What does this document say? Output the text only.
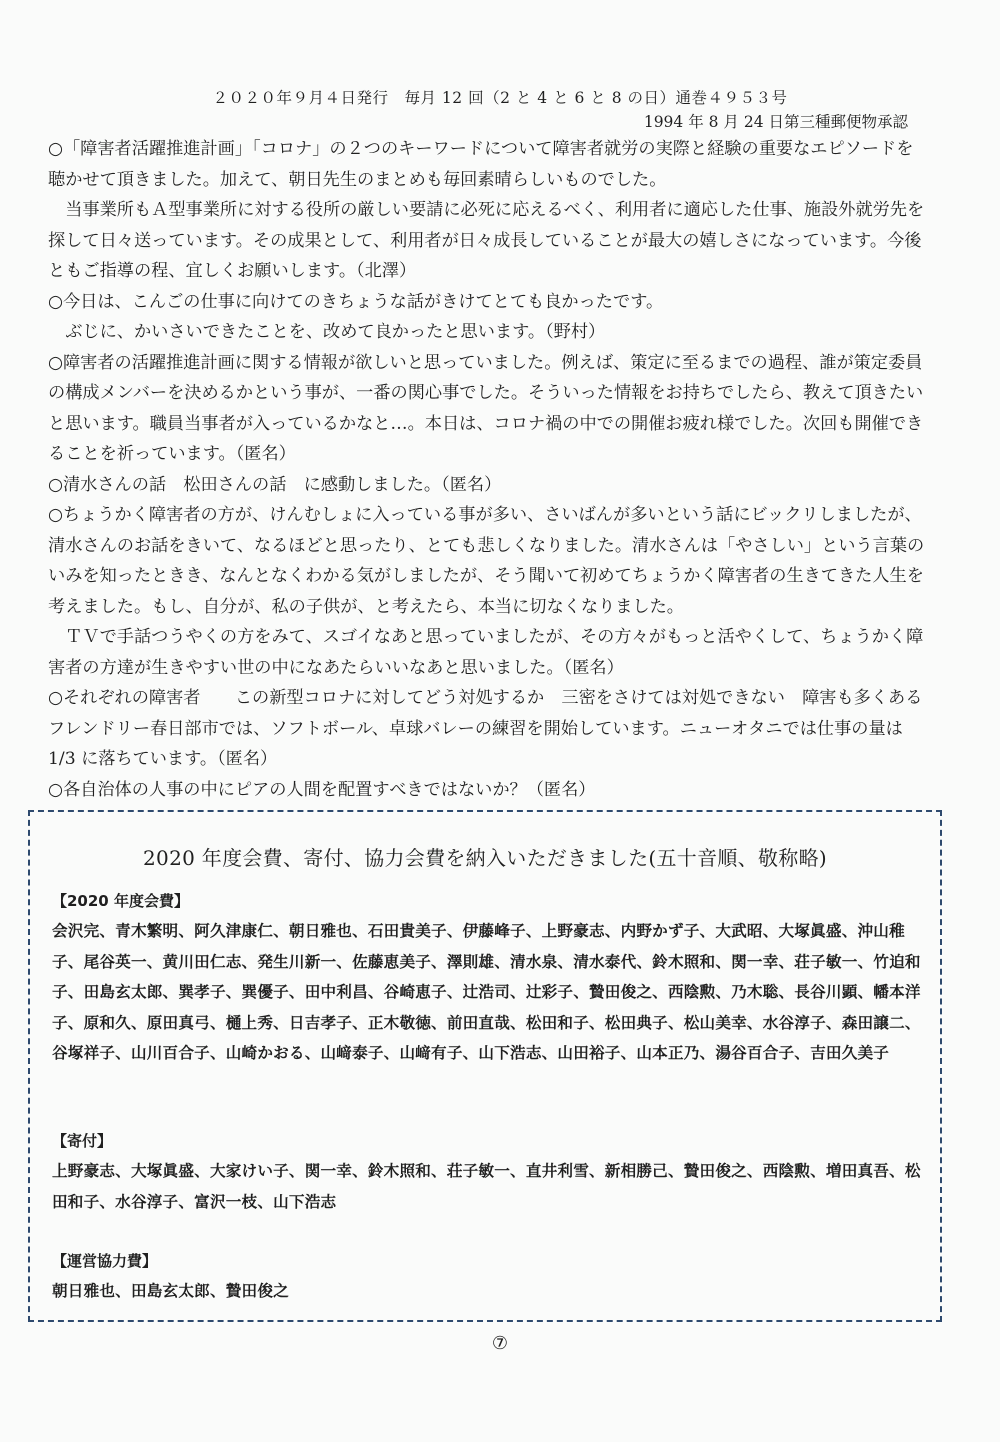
２０２０年９月４日発行　毎月 12 回（2 と 4 と 6 と 8 の日）通巻４９５３号
1994 年 8 月 24 日第三種郵便物承認

○「障害者活躍推進計画」「コロナ」の２つのキーワードについて障害者就労の実際と経験の重要なエピソードを聴かせて頂きました。加えて、朝日先生のまとめも毎回素晴らしいものでした。

当事業所もＡ型事業所に対する役所の厳しい要請に必死に応えるべく、利用者に適応した仕事、施設外就労先を探して日々送っています。その成果として、利用者が日々成長していることが最大の嬉しさになっています。今後ともご指導の程、宜しくお願いします。（北澤）

○今日は、こんごの仕事に向けてのきちょうな話がきけてとても良かったです。

ぶじに、かいさいできたことを、改めて良かったと思います。（野村）

○障害者の活躍推進計画に関する情報が欲しいと思っていました。例えば、策定に至るまでの過程、誰が策定委員の構成メンバーを決めるかという事が、一番の関心事でした。そういった情報をお持ちでしたら、教えて頂きたいと思います。職員当事者が入っているかなと…。本日は、コロナ禍の中での開催お疲れ様でした。次回も開催できることを祈っています。（匿名）

○清水さんの話　松田さんの話　に感動しました。（匿名）

○ちょうかく障害者の方が、けんむしょに入っている事が多い、さいばんが多いという話にビックリしましたが、清水さんのお話をきいて、なるほどと思ったり、とても悲しくなりました。清水さんは「やさしい」という言葉のいみを知ったときき、なんとなくわかる気がしましたが、そう聞いて初めてちょうかく障害者の生きてきた人生を考えました。もし、自分が、私の子供が、と考えたら、本当に切なくなりました。

ＴＶで手話つうやくの方をみて、スゴイなあと思っていましたが、その方々がもっと活やくして、ちょうかく障害者の方達が生きやすい世の中になあたらいいなあと思いました。（匿名）

○それぞれの障害者　　この新型コロナに対してどう対処するか　三密をさけては対処できない　障害も多くある　フレンドリー春日部市では、ソフトボール、卓球バレーの練習を開始しています。ニューオタニでは仕事の量は 1/3 に落ちています。（匿名）

○各自治体の人事の中にピアの人間を配置すべきではないか？（匿名）

2020 年度会費、寄付、協力会費を納入いただきました(五十音順、敬称略)
【2020 年度会費】
会沢完、青木繁明、阿久津康仁、朝日雅也、石田貴美子、伊藤峰子、上野豪志、内野かず子、大武昭、大塚眞盛、沖山稚子、尾谷英一、黄川田仁志、発生川新一、佐藤恵美子、澤則雄、清水泉、清水泰代、鈴木照和、関一幸、荘子敏一、竹迫和子、田島玄太郎、巽孝子、巽優子、田中利昌、谷崎恵子、辻浩司、辻彩子、贄田俊之、西陰勲、乃木聡、長谷川顕、幡本洋子、原和久、原田真弓、樋上秀、日吉孝子、正木敬徳、前田直哉、松田和子、松田典子、松山美幸、水谷淳子、森田譲二、谷塚祥子、山川百合子、山崎かおる、山﨑泰子、山﨑有子、山下浩志、山田裕子、山本正乃、湯谷百合子、吉田久美子
【寄付】
上野豪志、大塚眞盛、大家けい子、関一幸、鈴木照和、荘子敏一、直井利雪、新相勝己、贄田俊之、西陰勲、増田真吾、松田和子、水谷淳子、富沢一枝、山下浩志
【運営協力費】
朝日雅也、田島玄太郎、贄田俊之
⑦
